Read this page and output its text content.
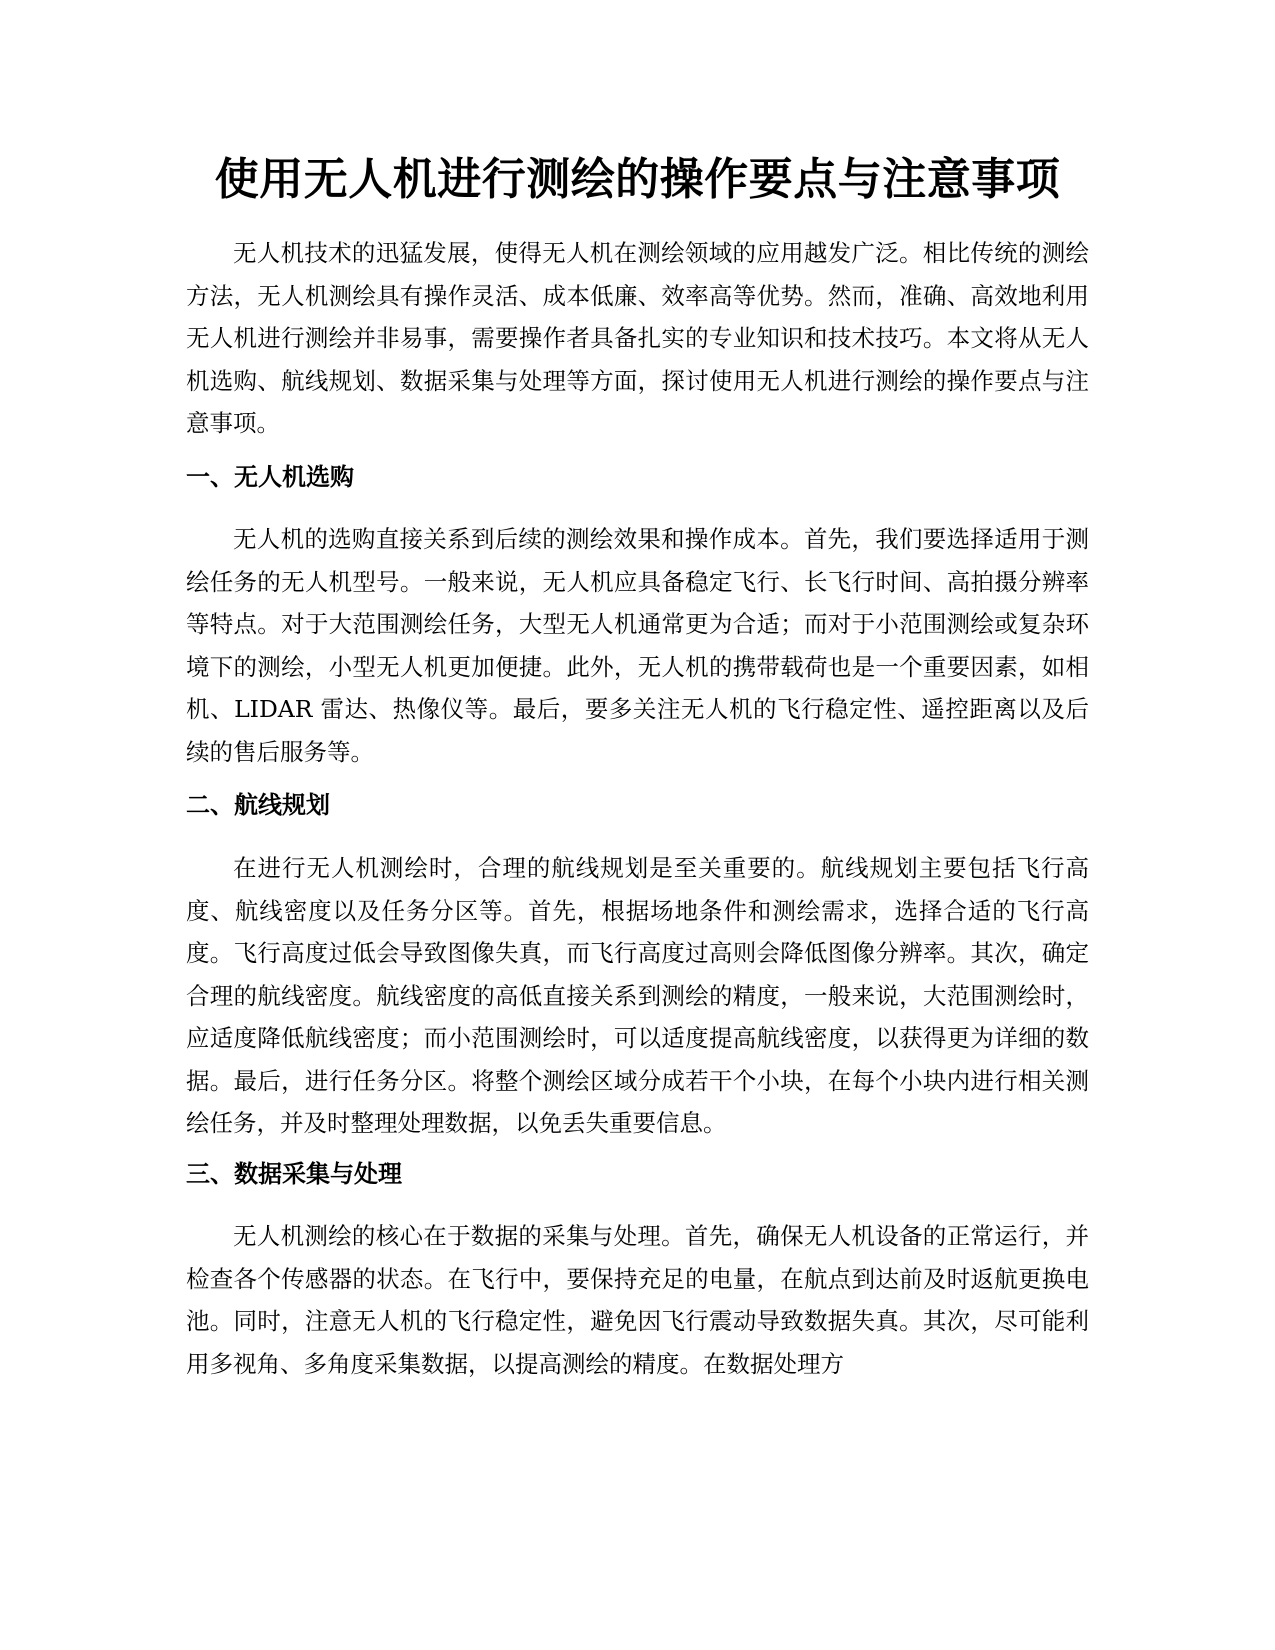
使用无人机进行测绘的操作要点与注意事项

无人机技术的迅猛发展，使得无人机在测绘领域的应用越发广泛。相比传统的测绘方法，无人机测绘具有操作灵活、成本低廉、效率高等优势。然而，准确、高效地利用无人机进行测绘并非易事，需要操作者具备扎实的专业知识和技术技巧。本文将从无人机选购、航线规划、数据采集与处理等方面，探讨使用无人机进行测绘的操作要点与注意事项。

一、无人机选购

无人机的选购直接关系到后续的测绘效果和操作成本。首先，我们要选择适用于测绘任务的无人机型号。一般来说，无人机应具备稳定飞行、长飞行时间、高拍摄分辨率等特点。对于大范围测绘任务，大型无人机通常更为合适；而对于小范围测绘或复杂环境下的测绘，小型无人机更加便捷。此外，无人机的携带载荷也是一个重要因素，如相机、LIDAR 雷达、热像仪等。最后，要多关注无人机的飞行稳定性、遥控距离以及后续的售后服务等。

二、航线规划

在进行无人机测绘时，合理的航线规划是至关重要的。航线规划主要包括飞行高度、航线密度以及任务分区等。首先，根据场地条件和测绘需求，选择合适的飞行高度。飞行高度过低会导致图像失真，而飞行高度过高则会降低图像分辨率。其次，确定合理的航线密度。航线密度的高低直接关系到测绘的精度，一般来说，大范围测绘时，应适度降低航线密度；而小范围测绘时，可以适度提高航线密度，以获得更为详细的数据。最后，进行任务分区。将整个测绘区域分成若干个小块，在每个小块内进行相关测绘任务，并及时整理处理数据，以免丢失重要信息。

三、数据采集与处理

无人机测绘的核心在于数据的采集与处理。首先，确保无人机设备的正常运行，并检查各个传感器的状态。在飞行中，要保持充足的电量，在航点到达前及时返航更换电池。同时，注意无人机的飞行稳定性，避免因飞行震动导致数据失真。其次，尽可能利用多视角、多角度采集数据，以提高测绘的精度。在数据处理方
